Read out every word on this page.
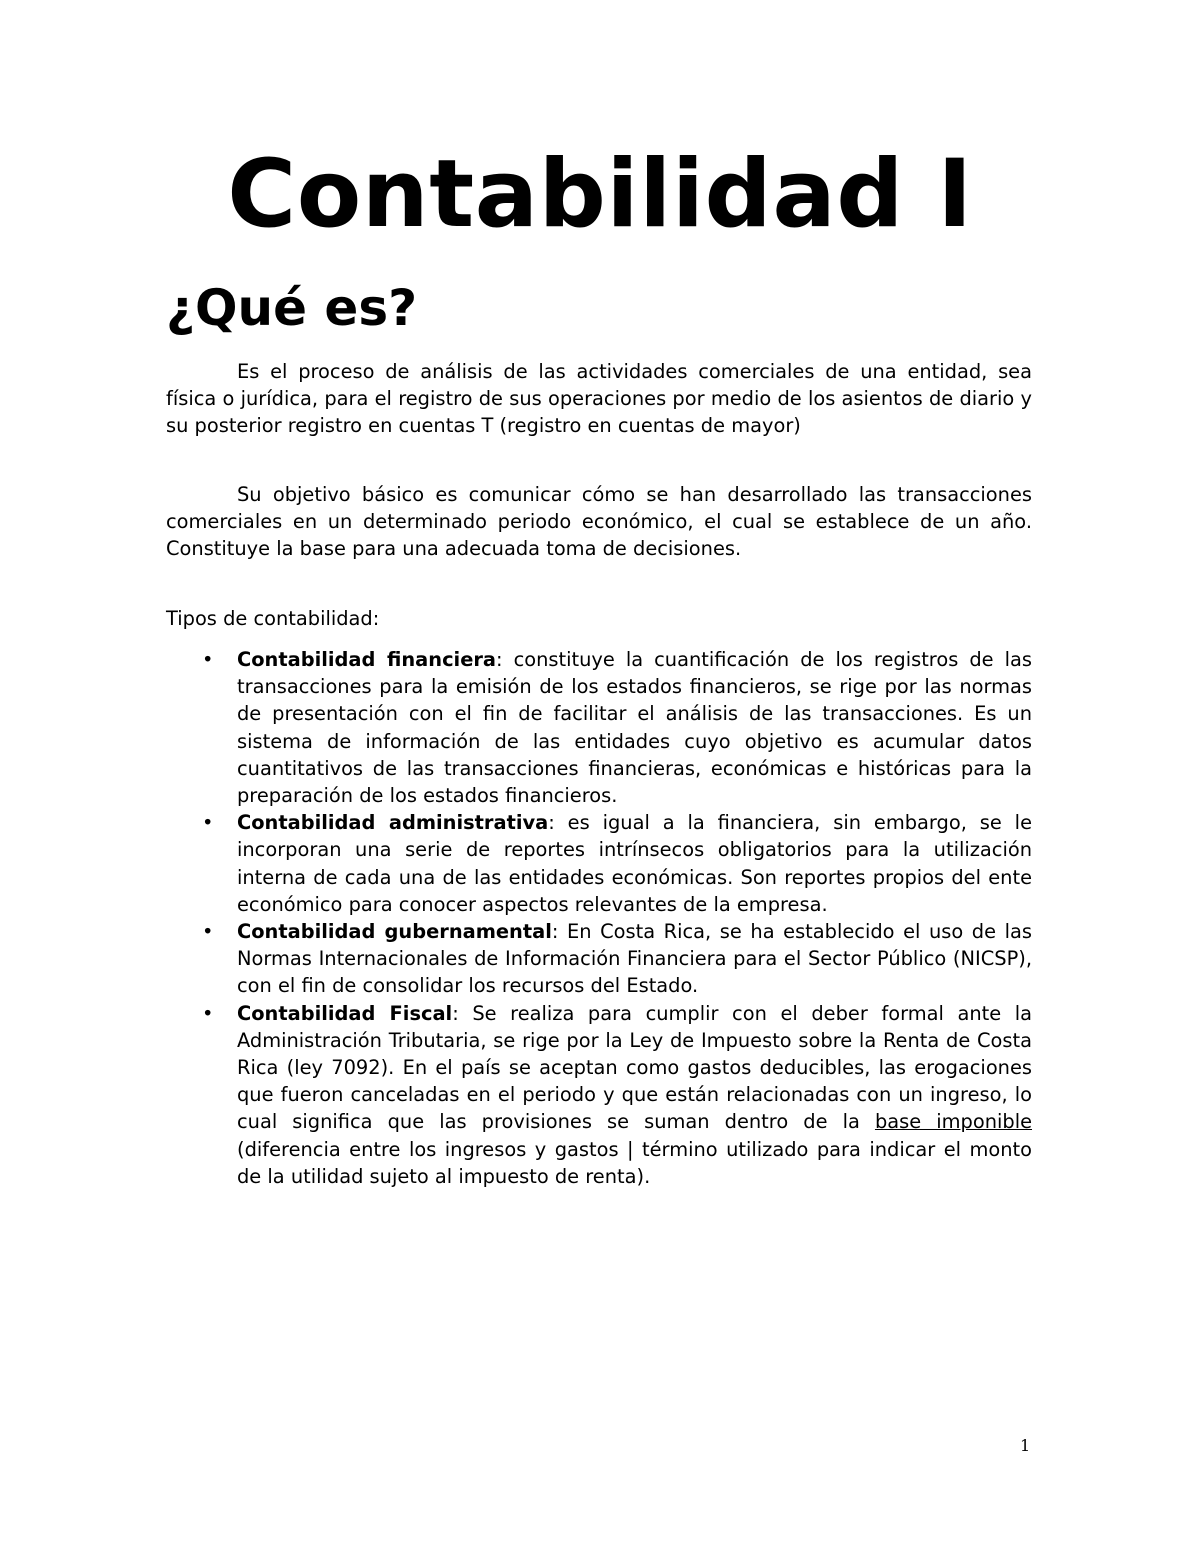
Contabilidad I
¿Qué es?

Es el proceso de análisis de las actividades comerciales de una entidad, sea física o jurídica, para el registro de sus operaciones por medio de los asientos de diario y su posterior registro en cuentas T (registro en cuentas de mayor)

Su objetivo básico es comunicar cómo se han desarrollado las transacciones comerciales en un determinado periodo económico, el cual se establece de un año. Constituye la base para una adecuada toma de decisiones.

Tipos de contabilidad:

• Contabilidad financiera: constituye la cuantificación de los registros de las transacciones para la emisión de los estados financieros, se rige por las normas de presentación con el fin de facilitar el análisis de las transacciones. Es un sistema de información de las entidades cuyo objetivo es acumular datos cuantitativos de las transacciones financieras, económicas e históricas para la preparación de los estados financieros.
• Contabilidad administrativa: es igual a la financiera, sin embargo, se le incorporan una serie de reportes intrínsecos obligatorios para la utilización interna de cada una de las entidades económicas. Son reportes propios del ente económico para conocer aspectos relevantes de la empresa.
• Contabilidad gubernamental: En Costa Rica, se ha establecido el uso de las Normas Internacionales de Información Financiera para el Sector Público (NICSP), con el fin de consolidar los recursos del Estado.
• Contabilidad Fiscal: Se realiza para cumplir con el deber formal ante la Administración Tributaria, se rige por la Ley de Impuesto sobre la Renta de Costa Rica (ley 7092). En el país se aceptan como gastos deducibles, las erogaciones que fueron canceladas en el periodo y que están relacionadas con un ingreso, lo cual significa que las provisiones se suman dentro de la base imponible (diferencia entre los ingresos y gastos | término utilizado para indicar el monto de la utilidad sujeto al impuesto de renta).
1
